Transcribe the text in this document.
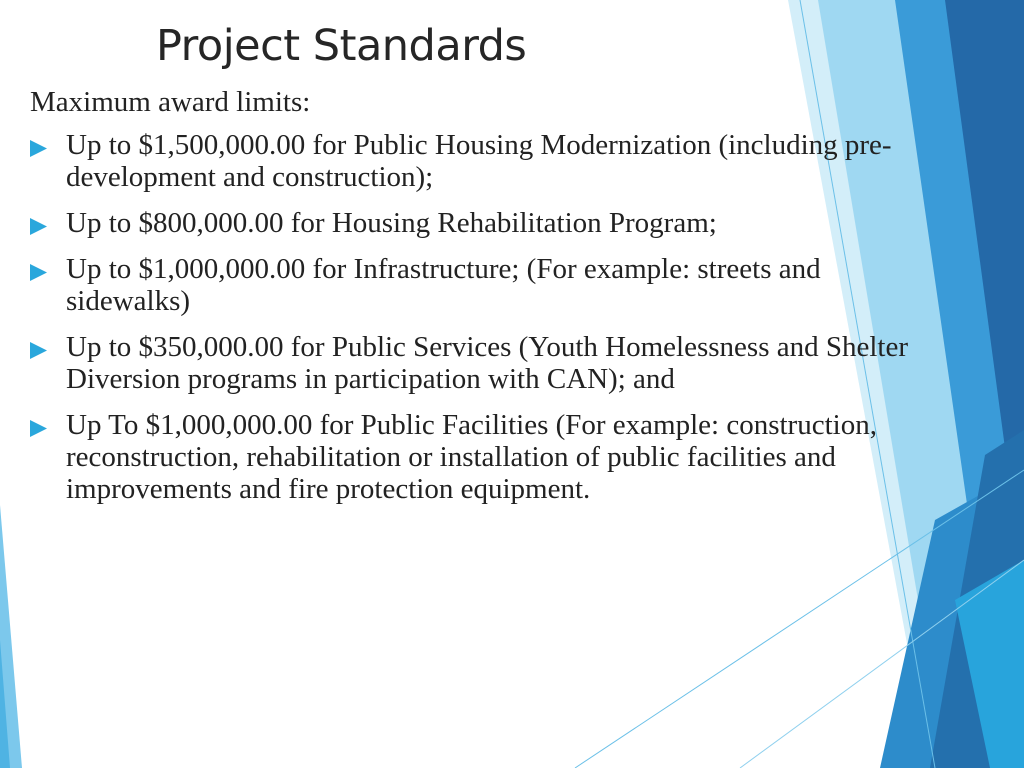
Project Standards

Maximum award limits:

Up to $1,500,000.00 for Public Housing Modernization (including pre-development and construction);
Up to $800,000.00 for Housing Rehabilitation Program;
Up to $1,000,000.00 for Infrastructure; (For example: streets and sidewalks)
Up to $350,000.00 for Public Services (Youth Homelessness and Shelter Diversion programs in participation with CAN); and
Up To $1,000,000.00 for Public Facilities (For example: construction, reconstruction, rehabilitation or installation of public facilities and improvements and fire protection equipment.
